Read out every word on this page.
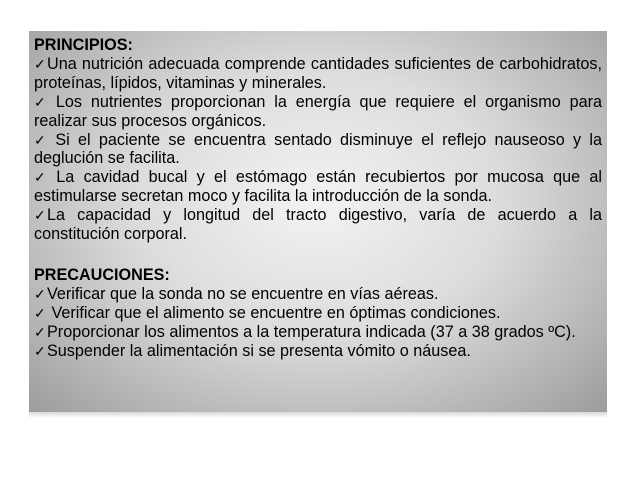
PRINCIPIOS:

✓Una nutrición adecuada comprende cantidades suficientes de carbohidratos, proteínas, lípidos, vitaminas y minerales.
✓ Los nutrientes proporcionan la energía que requiere el organismo para realizar sus procesos orgánicos.
✓ Si el paciente se encuentra sentado disminuye el reflejo nauseoso y la deglución se facilita.
✓ La cavidad bucal y el estómago están recubiertos por mucosa que al estimularse secretan moco y facilita la introducción de la sonda.
✓La capacidad y longitud del tracto digestivo, varía de acuerdo a la constitución corporal.

PRECAUCIONES:

✓Verificar que la sonda no se encuentre en vías aéreas.
✓ Verificar que el alimento se encuentre en óptimas condiciones.
✓Proporcionar los alimentos a la temperatura indicada (37 a 38 grados ºC).
✓Suspender la alimentación si se presenta vómito o náusea.
